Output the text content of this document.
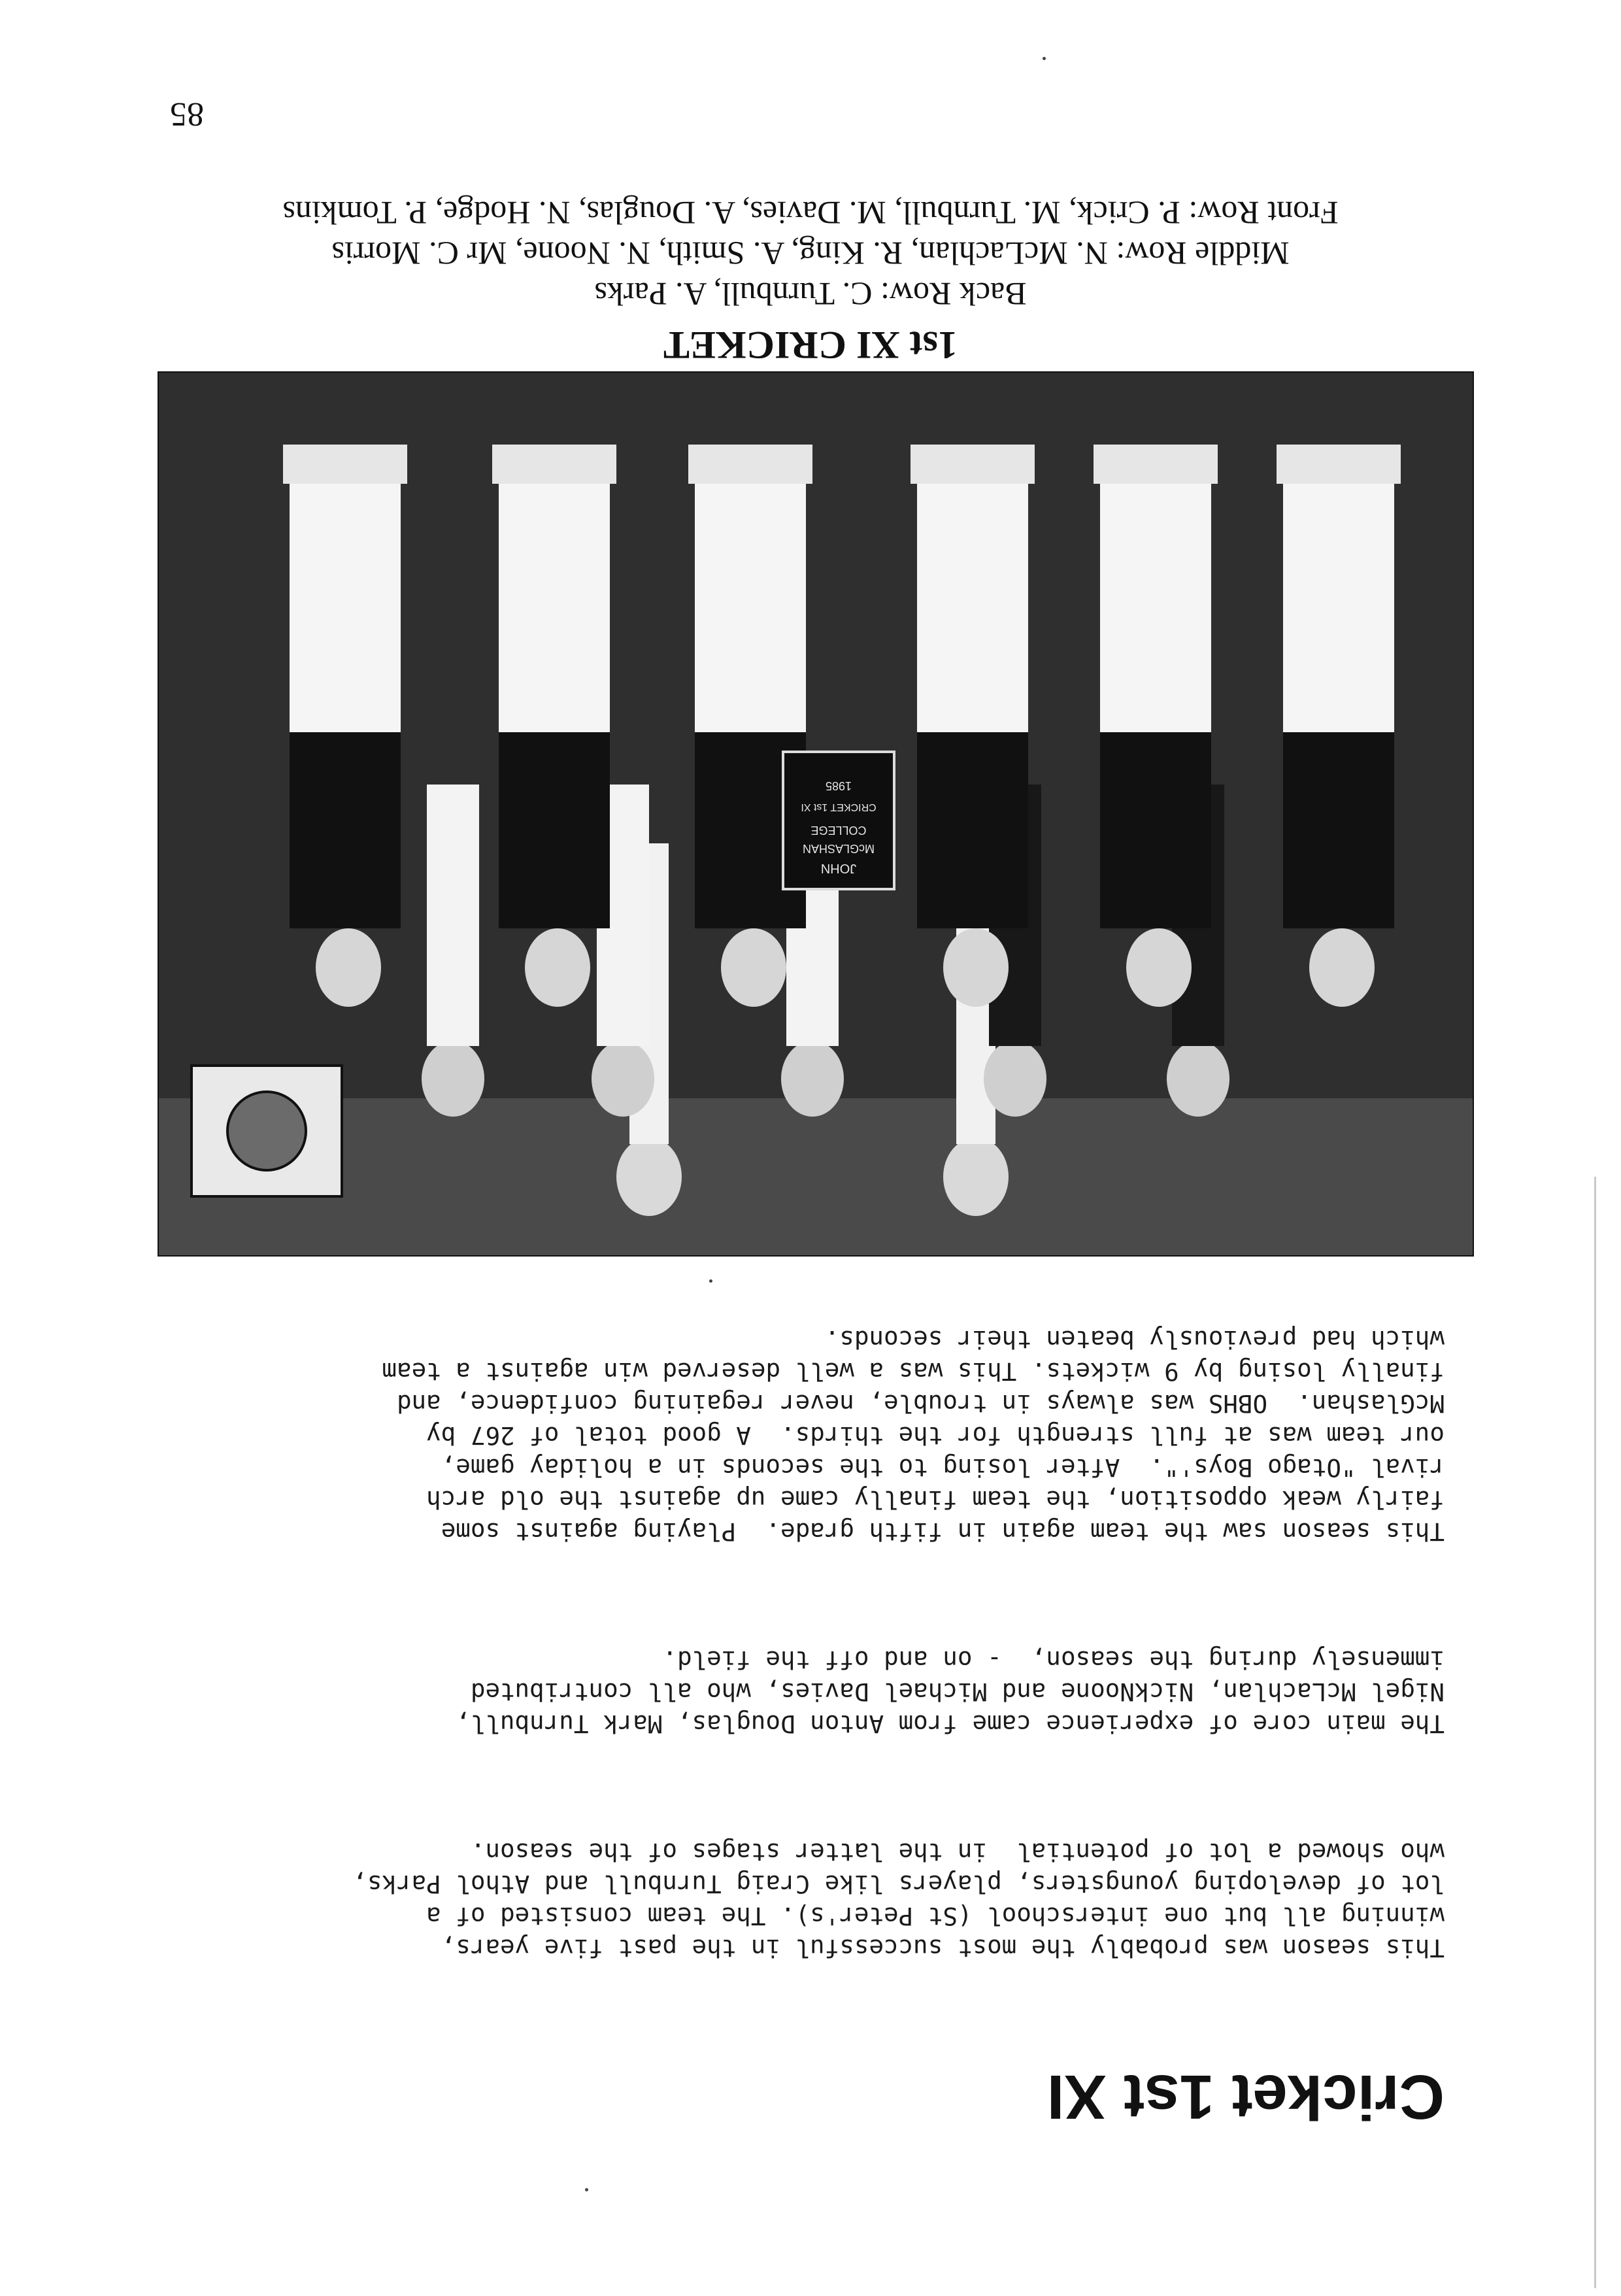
Cricket 1st XI

This season was probably the most successful in the past five years,
winning all but one interschool (St Peter's). The team consisted of a
lot of developing youngsters, players like Craig Turnbull and Athol Parks,
who showed a lot of potential  in the latter stages of the season.

The main core of experience came from Anton Douglas, Mark Turnbull,
Nigel McLachlan, NickNoone and Michael Davies, who all contributed
immensely during the season,  - on and off the field.

This season saw the team again in fifth grade.  Playing against some
fairly weak opposition, the team finally came up against the old arch
rival "Otago Boys'".  After losing to the seconds in a holiday game,
our team was at full strength for the thirds.  A good total of 267 by
McGlashan.  OBHS was always in trouble, never regaining confidence, and
finally losing by 9 wickets. This was a well deserved win against a team
which had previously beaten their seconds.

JOHN
McGLASHAN
COLLEGE
CRICKET 1st XI
1985
1st XI CRICKET
Back Row: C. Turnbull, A. Parks
Middle Row: N. McLachlan, R. King, A. Smith, N. Noone, Mr C. Morris
Front Row: P. Crick, M. Turnbull, M. Davies, A. Douglas, N. Hodge, P. Tomkins
85
